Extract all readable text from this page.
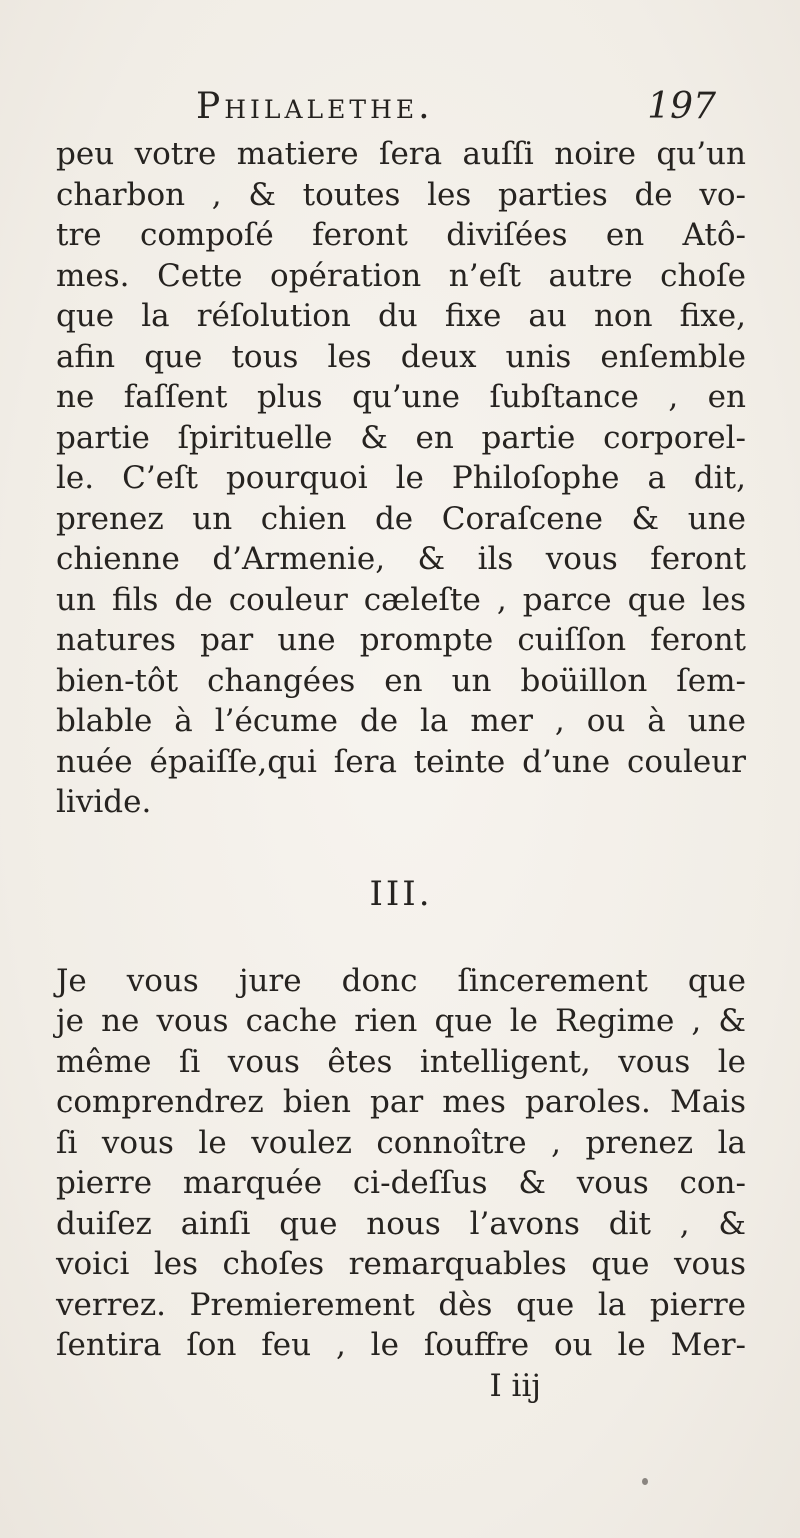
Philalethe.	197
peu votre matiere ſera auſſi noire qu’un
charbon , & toutes les parties de vo-
tre compoſé feront diviſées en Atô-
mes. Cette opération n’eſt autre choſe
que la réſolution du fixe au non fixe,
afin que tous les deux unis enſemble
ne faſſent plus qu’une ſubſtance , en
partie ſpirituelle & en partie corporel-
le. C’eſt pourquoi le Philoſophe a dit,
prenez un chien de Coraſcene & une
chienne d’Armenie, & ils vous feront
un fils de couleur cæleſte , parce que les
natures par une prompte cuiſſon feront
bien-tôt changées en un boüillon ſem-
blable à l’écume de la mer , ou à une
nuée épaiſſe,qui ſera teinte d’une couleur
livide.
III.
Je vous jure donc ſincerement que
je ne vous cache rien que le Regime , &
même ſi vous êtes intelligent, vous le
comprendrez bien par mes paroles. Mais
ſi vous le voulez connoître , prenez la
pierre marquée ci-deſſus & vous con-
duiſez ainſi que nous l’avons dit , &
voici les choſes remarquables que vous
verrez. Premierement dès que la pierre
ſentira ſon feu , le ſouffre ou le Mer-
I iij
